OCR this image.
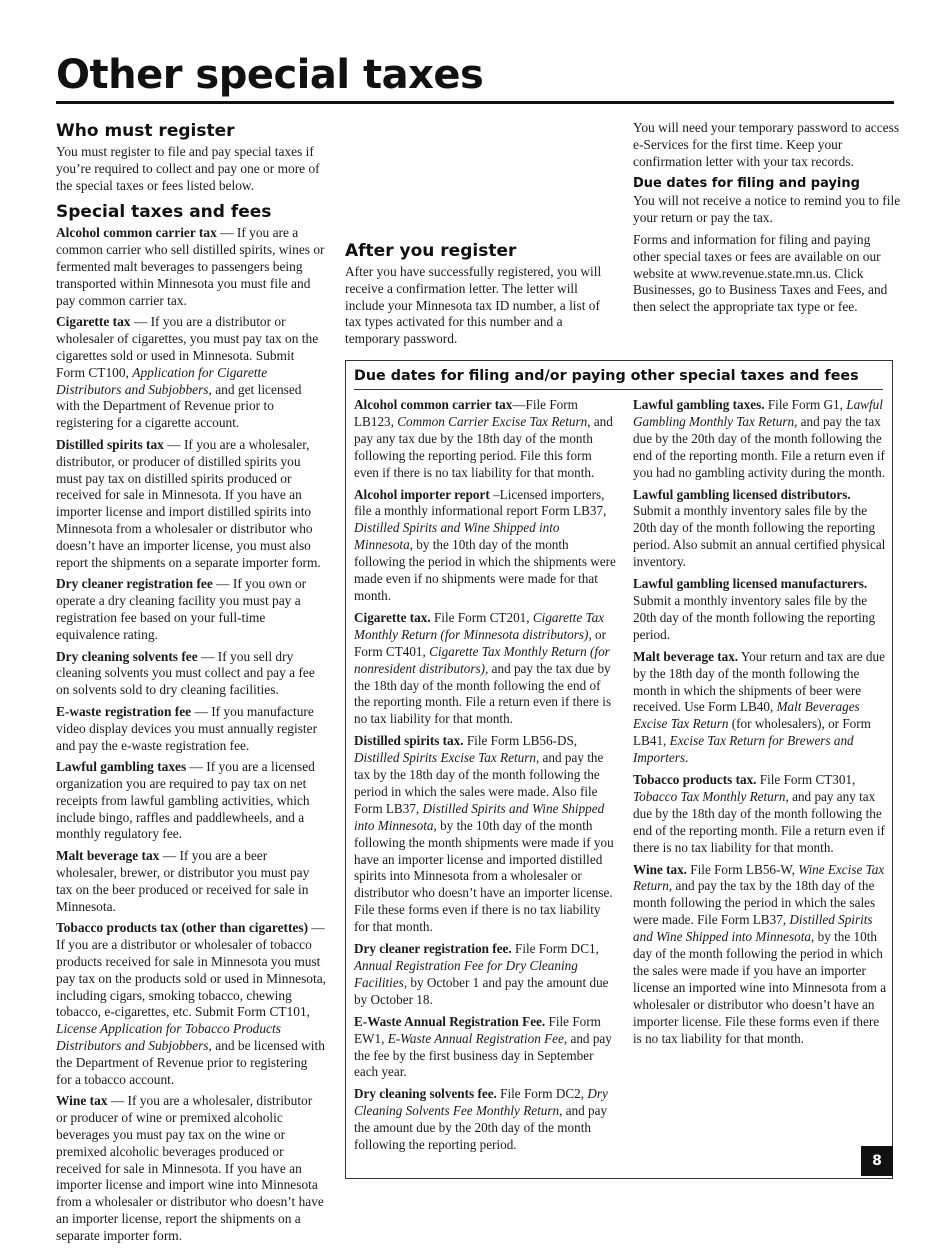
Other special taxes
Who must register

You must register to file and pay special taxes if you’re required to collect and pay one or more of the special taxes or fees listed below.

Special taxes and fees

Alcohol common carrier tax — If you are a common carrier who sell distilled spirits, wines or fermented malt beverages to passengers being transported within Minnesota you must file and pay common carrier tax.

Cigarette tax — If you are a distributor or wholesaler of cigarettes, you must pay tax on the cigarettes sold or used in Minnesota. Submit Form CT100, Application for Cigarette Distributors and Subjobbers, and get licensed with the Department of Revenue prior to registering for a cigarette account.

Distilled spirits tax — If you are a wholesaler, distributor, or producer of distilled spirits you must pay tax on distilled spirits produced or received for sale in Minnesota. If you have an importer license and import distilled spirits into Minnesota from a wholesaler or distributor who doesn’t have an importer license, you must also report the shipments on a separate importer form.

Dry cleaner registration fee — If you own or operate a dry cleaning facility you must pay a registration fee based on your full-time equivalence rating.

Dry cleaning solvents fee — If you sell dry cleaning solvents you must collect and pay a fee on solvents sold to dry cleaning facilities.

E-waste registration fee — If you manufacture video display devices you must annually register and pay the e-waste registration fee.

Lawful gambling taxes — If you are a licensed organization you are required to pay tax on net receipts from lawful gambling activities, which include bingo, raffles and paddlewheels, and a monthly regulatory fee.

Malt beverage tax — If you are a beer wholesaler, brewer, or distributor you must pay tax on the beer produced or received for sale in Minnesota.

Tobacco products tax (other than cigarettes) — If you are a distributor or wholesaler of tobacco products received for sale in Minnesota you must pay tax on the products sold or used in Minnesota, including cigars, smoking tobacco, chewing tobacco, e-cigarettes, etc. Submit Form CT101, License Application for Tobacco Products Distributors and Subjobbers, and be licensed with the Department of Revenue prior to registering for a tobacco account.

Wine tax — If you are a wholesaler, distributor or producer of wine or premixed alcoholic beverages you must pay tax on the wine or premixed alcoholic beverages produced or received for sale in Minnesota. If you have an importer license and import wine into Minnesota from a wholesaler or distributor who doesn’t have an importer license, report the shipments on a separate importer form.

After you register

After you have successfully registered, you will receive a confirmation letter. The letter will include your Minnesota tax ID number, a list of tax types activated for this number and a temporary password.

You will need your temporary password to access e-Services for the first time. Keep your confirmation letter with your tax records.

Due dates for filing and paying

You will not receive a notice to remind you to file your return or pay the tax.

Forms and information for filing and paying other special taxes or fees are available on our website at www.revenue.state.mn.us. Click Businesses, go to Business Taxes and Fees, and then select the appropriate tax type or fee.

Due dates for filing and/or paying other special taxes and fees

Alcohol common carrier tax—File Form LB123, Common Carrier Excise Tax Return, and pay any tax due by the 18th day of the month following the reporting period. File this form even if there is no tax liability for that month.

Alcohol importer report –Licensed importers, file a monthly informational report Form LB37, Distilled Spirits and Wine Shipped into Minnesota, by the 10th day of the month following the period in which the shipments were made even if no shipments were made for that month.

Cigarette tax. File Form CT201, Cigarette Tax Monthly Return (for Minnesota distributors), or Form CT401, Cigarette Tax Monthly Return (for nonresident distributors), and pay the tax due by the 18th day of the month following the end of the reporting month. File a return even if there is no tax liability for that month.

Distilled spirits tax. File Form LB56-DS, Distilled Spirits Excise Tax Return, and pay the tax by the 18th day of the month following the period in which the sales were made. Also file Form LB37, Distilled Spirits and Wine Shipped into Minnesota, by the 10th day of the month following the month shipments were made if you have an importer license and imported distilled spirits into Minnesota from a wholesaler or distributor who doesn’t have an importer license. File these forms even if there is no tax liability for that month.

Dry cleaner registration fee. File Form DC1, Annual Registration Fee for Dry Cleaning Facilities, by October 1 and pay the amount due by October 18.

E-Waste Annual Registration Fee. File Form EW1, E-Waste Annual Registration Fee, and pay the fee by the first business day in September each year.

Dry cleaning solvents fee. File Form DC2, Dry Cleaning Solvents Fee Monthly Return, and pay the amount due by the 20th day of the month following the reporting period.

Lawful gambling taxes. File Form G1, Lawful Gambling Monthly Tax Return, and pay the tax due by the 20th day of the month following the end of the reporting month. File a return even if you had no gambling activity during the month.

Lawful gambling licensed distributors. Submit a monthly inventory sales file by the 20th day of the month following the reporting period. Also submit an annual certified physical inventory.

Lawful gambling licensed manufacturers. Submit a monthly inventory sales file by the 20th day of the month following the reporting period.

Malt beverage tax. Your return and tax are due by the 18th day of the month following the month in which the shipments of beer were received. Use Form LB40, Malt Beverages Excise Tax Return (for wholesalers), or Form LB41, Excise Tax Return for Brewers and Importers.

Tobacco products tax. File Form CT301, Tobacco Tax Monthly Return, and pay any tax due by the 18th day of the month following the end of the reporting month. File a return even if there is no tax liability for that month.

Wine tax. File Form LB56-W, Wine Excise Tax Return, and pay the tax by the 18th day of the month following the period in which the sales were made. File Form LB37, Distilled Spirits and Wine Shipped into Minnesota, by the 10th day of the month following the period in which the sales were made if you have an importer license an imported wine into Minnesota from a wholesaler or distributor who doesn’t have an importer license. File these forms even if there is no tax liability for that month.

8
